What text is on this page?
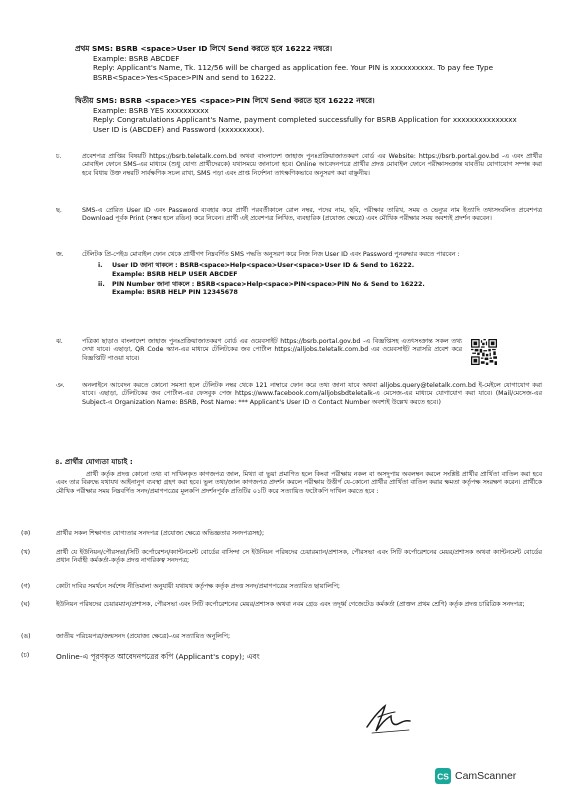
প্রথম SMS: BSRB <space>User ID লিখে Send করতে হবে 16222 নম্বরে।
Example: BSRB ABCDEF
Reply: Applicant's Name, Tk. 112/56 will be charged as application fee. Your PIN is xxxxxxxxxx. To pay fee Type BSRB<Space>Yes<Space>PIN and send to 16222.
দ্বিতীয় SMS: BSRB <space>YES <space>PIN লিখে Send করতে হবে 16222 নম্বরে।
Example: BSRB YES xxxxxxxxxx
Reply: Congratulations Applicant's Name, payment completed successfully for BSRB Application for xxxxxxxxxxxxxxx User ID is (ABCDEF) and Password (xxxxxxxxx).
চ.	প্রবেশপত্র প্রাপ্তির বিষয়টি https://bsrb.teletalk.com.bd অথবা বাংলাদেশ জাহাজ পুনঃপ্রক্রিয়াজাতকরণ বোর্ড এর Website: https://bsrb.portal.gov.bd -এ এবং প্রার্থীর মোবাইল ফোনে SMS-এর মাধ্যমে (শুধু যোগ্য প্রার্থীদেরকে) যথাসময়ে জানানো হবে। Online আবেদনপত্রে প্রার্থীর প্রদত্ত মোবাইল ফোনে পরীক্ষাসংক্রান্ত যাবতীয় যোগাযোগ সম্পন্ন করা হবে বিধায় উক্ত নম্বরটি সার্বক্ষণিক সচল রাখা, SMS পড়া এবং প্রাপ্ত নির্দেশনা তাৎক্ষণিকভাবে অনুসরণ করা বাঞ্ছনীয়।
ছ.	SMS-এ প্রেরিত User ID এবং Password ব্যবহার করে প্রার্থী পরবর্তীকালে রোল নম্বর, পদের নাম, ছবি, পরীক্ষার তারিখ, সময় ও ভেন্যুর নাম ইত্যাদি তথ্যসংবলিত প্রবেশপত্র Download পূর্বক Print (সম্ভব হলে রঙিন) করে নিবেন। প্রার্থী এই প্রবেশপত্র লিখিত, ব্যবহারিক (প্রযোজ্য ক্ষেত্রে) এবং মৌখিক পরীক্ষার সময় অবশ্যই প্রদর্শন করবেন।
জ.	টেলিটক প্রি-পেইড মোবাইল ফোন থেকে প্রার্থীগণ নিম্নবর্ণিত SMS পদ্ধতি অনুসরণ করে নিজ নিজ User ID এবং Password পুনরুদ্ধার করতে পারবেন :
i. User ID জানা থাকলে : BSRB<space>Help<space>User<space>User ID & Send to 16222.
Example: BSRB HELP USER ABCDEF
ii. PIN Number জানা থাকলে : BSRB<space>Help<space>PIN<space>PIN No & Send to 16222.
Example: BSRB HELP PIN 12345678
ঝ.	পত্রিকা ছাড়াও বাংলাদেশ জাহাজ পুনঃপ্রক্রিয়াজাতকরণ বোর্ড এর ওয়েবসাইট https://bsrb.portal.gov.bd -এ বিজ্ঞপ্তিসহ এতৎসংক্রান্ত সকল তথ্য দেখা যাবে। এছাড়া, QR Code স্ক্যান-এর মাধ্যমে টেলিটকের জব পোর্টাল https://alljobs.teletalk.com.bd এর ওয়েবসাইট সরাসরি প্রবেশ করে বিজ্ঞপ্তিটি পাওয়া যাবে।
ঞ.	অনলাইনে আবেদন করতে কোনো সমস্যা হলে টেলিটক নম্বর থেকে 121 নাম্বারে ফোন করে তথ্য জানা যাবে অথবা alljobs.query@teletalk.com.bd ই-মেইলে যোগাযোগ করা যাবে। এছাড়া, টেলিটকের জব পোর্টাল-এর ফেসবুক পেজ https://www.facebook.com/alljobsbdteletalk-এ মেসেজ-এর মাধ্যমে যোগাযোগ করা যাবে। (Mail/মেসেজ-এর Subject-এ Organization Name: BSRB, Post Name: *** Applicant's User ID ও Contact Number অবশ্যই উল্লেখ করতে হবে।)
৪. প্রার্থীর যোগ্যতা যাচাই :
প্রার্থী কর্তৃক প্রদত্ত কোনো তথ্য বা দাখিলকৃত কাগজপত্র জাল, মিথ্যা বা ভুয়া প্রমাণিত হলে কিংবা পরীক্ষায় নকল বা অসদুপায় অবলম্বন করলে সংশ্লিষ্ট প্রার্থীর প্রার্থিতা বাতিল করা হবে এবং তার বিরুদ্ধে যথাযথ আইনানুগ ব্যবস্থা গ্রহণ করা হবে। ভুল তথ্য/জাল কাগজপত্র প্রদর্শন করলে পরীক্ষায় উত্তীর্ণ যে-কোনো প্রার্থীর প্রার্থিতা বাতিল করার ক্ষমতা কর্তৃপক্ষ সংরক্ষণ করেন। প্রার্থীকে মৌখিক পরীক্ষার সময় নিম্নবর্ণিত সনদ/প্রমাণপত্রের মূলকপি প্রদর্শনপূর্বক প্রতিটির ০১টি করে সত্যায়িত ফটোকপি দাখিল করতে হবে :
(ক)	প্রার্থীর সকল শিক্ষাগত যোগ্যতার সনদপত্র (প্রযোজ্য ক্ষেত্রে অভিজ্ঞতার সনদপত্রসহ);
(খ)	প্রার্থী যে ইউনিয়ন/পৌরসভা/সিটি কর্পোরেশন/ক্যান্টনমেন্ট বোর্ডের বাসিন্দা সে ইউনিয়ন পরিষদের চেয়ারম্যান/প্রশাসক, পৌরসভা এবং সিটি কর্পোরেশনের মেয়র/প্রশাসক অথবা ক্যান্টনমেন্ট বোর্ডের প্রধান নির্বাহী কর্মকর্তা-কর্তৃক প্রদত্ত নাগরিকত্ব সনদপত্র;
(গ)	কোটা দাবির সমর্থনে সর্বশেষ নীতিমালা অনুযায়ী যথাযথ কর্তৃপক্ষ কর্তৃক প্রদত্ত সনদ/প্রমাণপত্রের সত্যায়িত ছায়ালিপি;
(ঘ)	ইউনিয়ন পরিষদের চেয়ারম্যান/প্রশাসক, পৌরসভা এবং সিটি কর্পোরেশনের মেয়র/প্রশাসক অথবা নবম গ্রেড এবং তদূর্ধ্ব গেজেটেড কর্মকর্তা (প্রাক্তন প্রথম শ্রেণি) কর্তৃক প্রদত্ত চারিত্রিক সনদপত্র;
(ঙ)	জাতীয় পরিচয়পত্র/জন্মসনদ (প্রযোজ্য ক্ষেত্রে)-এর সত্যায়িত অনুলিপি;
(চ)	Online-এ পূরণকৃত আবেদনপত্রের কপি (Applicant's copy); এবং
CS CamScanner
